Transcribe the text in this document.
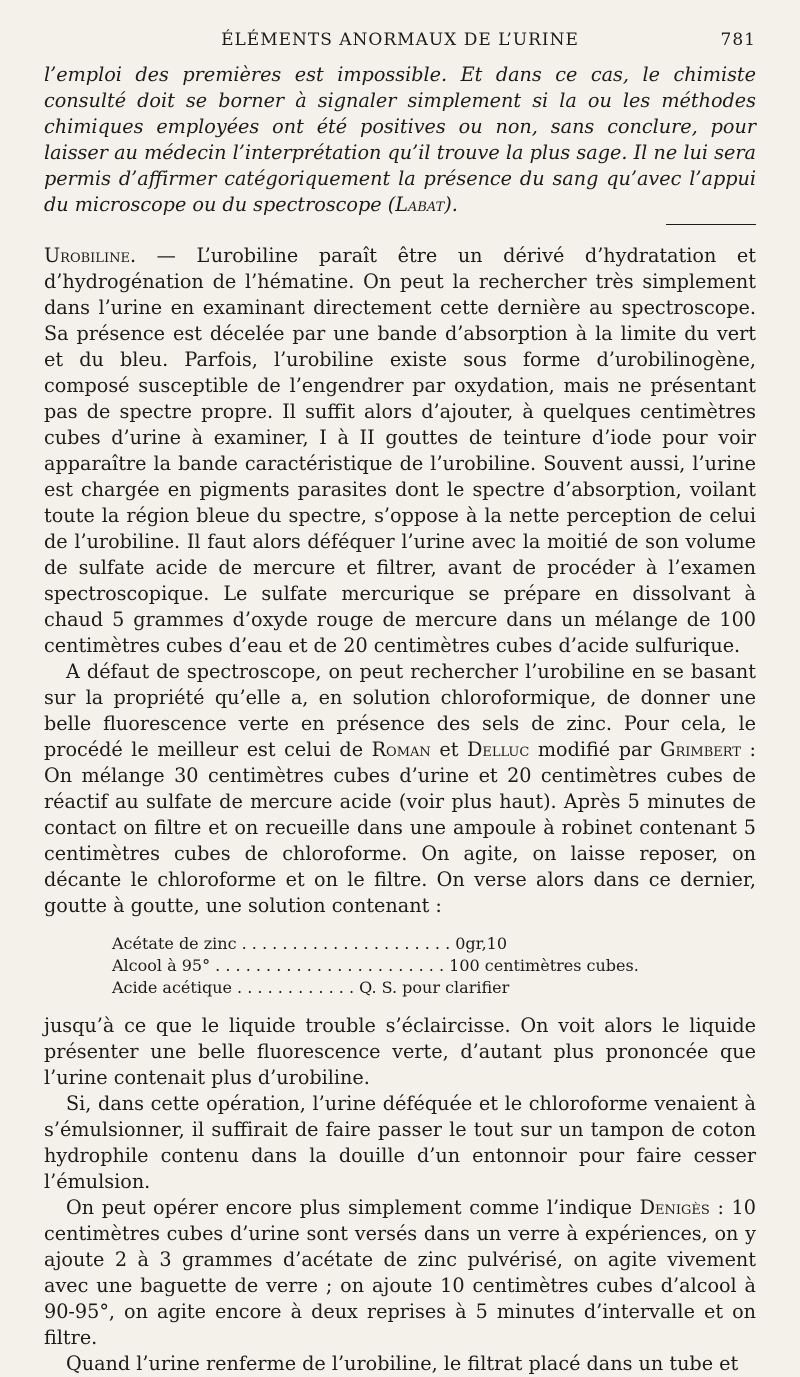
ÉLÉMENTS ANORMAUX DE L’URINE	781

l’emploi des premières est impossible. Et dans ce cas, le chimiste consulté doit se borner à signaler simplement si la ou les méthodes chimiques employées ont été positives ou non, sans conclure, pour laisser au médecin l’interprétation qu’il trouve la plus sage. Il ne lui sera permis d’affirmer catégoriquement la présence du sang qu’avec l’appui du microscope ou du spectroscope (Labat).

Urobiline. — L’urobiline paraît être un dérivé d’hydratation et d’hydrogénation de l’hématine. On peut la rechercher très simplement dans l’urine en examinant directement cette dernière au spectroscope. Sa présence est décelée par une bande d’absorption à la limite du vert et du bleu. Parfois, l’urobiline existe sous forme d’urobilinogène, composé susceptible de l’engendrer par oxydation, mais ne présentant pas de spectre propre. Il suffit alors d’ajouter, à quelques centimètres cubes d’urine à examiner, I à II gouttes de teinture d’iode pour voir apparaître la bande caractéristique de l’urobiline. Souvent aussi, l’urine est chargée en pigments parasites dont le spectre d’absorption, voilant toute la région bleue du spectre, s’oppose à la nette perception de celui de l’urobiline. Il faut alors déféquer l’urine avec la moitié de son volume de sulfate acide de mercure et filtrer, avant de procéder à l’examen spectroscopique. Le sulfate mercurique se prépare en dissolvant à chaud 5 grammes d’oxyde rouge de mercure dans un mélange de 100 centimètres cubes d’eau et de 20 centimètres cubes d’acide sulfurique.

A défaut de spectroscope, on peut rechercher l’urobiline en se basant sur la propriété qu’elle a, en solution chloroformique, de donner une belle fluorescence verte en présence des sels de zinc. Pour cela, le procédé le meilleur est celui de Roman et Delluc modifié par Grimbert : On mélange 30 centimètres cubes d’urine et 20 centimètres cubes de réactif au sulfate de mercure acide (voir plus haut). Après 5 minutes de contact on filtre et on recueille dans une ampoule à robinet contenant 5 centimètres cubes de chloroforme. On agite, on laisse reposer, on décante le chloroforme et on le filtre. On verse alors dans ce dernier, goutte à goutte, une solution contenant :

Acétate de zinc . . . . . . . . . . . . . . . . . . . . . 0gr,10
Alcool à 95° . . . . . . . . . . . . . . . . . . . . . . . 100 centimètres cubes.
Acide acétique . . . . . . . . . . . . Q. S. pour clarifier

jusqu’à ce que le liquide trouble s’éclaircisse. On voit alors le liquide présenter une belle fluorescence verte, d’autant plus prononcée que l’urine contenait plus d’urobiline.

Si, dans cette opération, l’urine déféquée et le chloroforme venaient à s’émulsionner, il suffirait de faire passer le tout sur un tampon de coton hydrophile contenu dans la douille d’un entonnoir pour faire cesser l’émulsion.

On peut opérer encore plus simplement comme l’indique Denigès : 10 centimètres cubes d’urine sont versés dans un verre à expériences, on y ajoute 2 à 3 grammes d’acétate de zinc pulvérisé, on agite vivement avec une baguette de verre ; on ajoute 10 centimètres cubes d’alcool à 90-95°, on agite encore à deux reprises à 5 minutes d’intervalle et on filtre.

Quand l’urine renferme de l’urobiline, le filtrat placé dans un tube et
